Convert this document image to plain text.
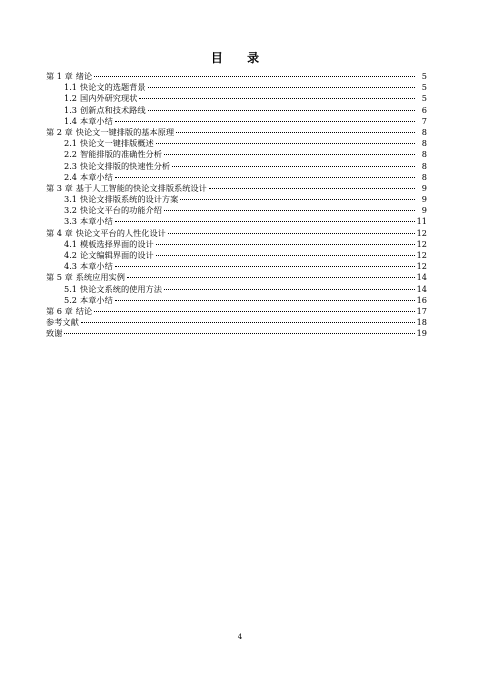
目 录
第 1 章 绪论	5
1.1 快论文的选题背景	5
1.2 国内外研究现状	5
1.3 创新点和技术路线	6
1.4 本章小结	7
第 2 章 快论文一键排版的基本原理	8
2.1 快论文一键排版概述	8
2.2 智能排版的准确性分析	8
2.3 快论文排版的快速性分析	8
2.4 本章小结	8
第 3 章 基于人工智能的快论文排版系统设计	9
3.1 快论文排版系统的设计方案	9
3.2 快论文平台的功能介绍	9
3.3 本章小结	11
第 4 章 快论文平台的人性化设计	12
4.1 模板选择界面的设计	12
4.2 论文编辑界面的设计	12
4.3 本章小结	12
第 5 章 系统应用实例	14
5.1 快论文系统的使用方法	14
5.2 本章小结	16
第 6 章 结论	17
参考文献	18
致谢	19
4
